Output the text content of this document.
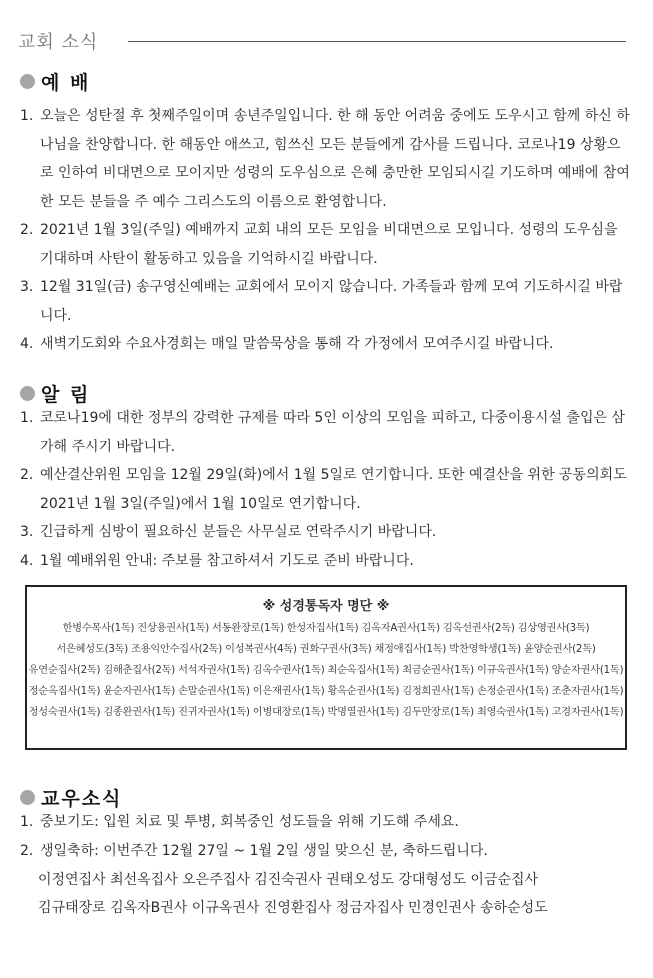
교회 소식
예 배
1. 오늘은 성탄절 후 첫째주일이며 송년주일입니다. 한 해 동안 어려움 중에도 도우시고 함께 하신 하나님을 찬양합니다. 한 해동안 애쓰고, 힘쓰신 모든 분들에게 감사를 드립니다. 코로나19 상황으로 인하여 비대면으로 모이지만 성령의 도우심으로 은혜 충만한 모임되시길 기도하며 예배에 참여한 모든 분들을 주 예수 그리스도의 이름으로 환영합니다.
2. 2021년 1월 3일(주일) 예배까지 교회 내의 모든 모임을 비대면으로 모입니다. 성령의 도우심을 기대하며 사탄이 활동하고 있음을 기억하시길 바랍니다.
3. 12월 31일(금) 송구영신예배는 교회에서 모이지 않습니다. 가족들과 함께 모여 기도하시길 바랍니다.
4. 새벽기도회와 수요사경회는 매일 말씀묵상을 통해 각 가정에서 모여주시길 바랍니다.
알 림
1. 코로나19에 대한 정부의 강력한 규제를 따라 5인 이상의 모임을 피하고, 다중이용시설 출입은 삼가해 주시기 바랍니다.
2. 예산결산위원 모임을 12월 29일(화)에서 1월 5일로 연기합니다. 또한 예결산을 위한 공동의회도 2021년 1월 3일(주일)에서 1월 10일로 연기합니다.
3. 긴급하게 심방이 필요하신 분들은 사무실로 연락주시기 바랍니다.
4. 1월 예배위원 안내: 주보를 참고하셔서 기도로 준비 바랍니다.
※ 성경통독자 명단 ※
한병수목사(1독) 진상용권사(1독) 서동완장로(1독) 한성자집사(1독) 김옥자A권사(1독) 김옥선권사(2독) 김상영권사(3독)
서은혜성도(3독) 조용익안수집사(2독) 이성복권사(4독) 권화구권사(3독) 채정애집사(1독) 박찬영학생(1독) 윤양순권사(2독)
유연순집사(2독) 김해춘집사(2독) 서석자권사(1독) 김옥수권사(1독) 최순옥집사(1독) 최금순권사(1독) 이규옥권사(1독) 양순자권사(1독)
정순옥집사(1독) 윤순자권사(1독) 손말순권사(1독) 이은재권사(1독) 황옥순권사(1독) 김정희권사(1독) 손정순권사(1독) 조춘자권사(1독)
정성숙권사(1독) 김종완권사(1독) 진귀자권사(1독) 이병대장로(1독) 박명열권사(1독) 김두만장로(1독) 최영숙권사(1독) 고경자권사(1독)
교우소식
1. 중보기도: 입원 치료 및 투병, 회복중인 성도들을 위해 기도해 주세요.
2. 생일축하: 이번주간 12월 27일 ~ 1월 2일 생일 맞으신 분, 축하드립니다.
이정연집사 최선옥집사 오은주집사 김진숙권사 권태오성도 강대형성도 이금순집사
김규태장로 김옥자B권사 이규옥권사 진영환집사 정금자집사 민경인권사 송하순성도
